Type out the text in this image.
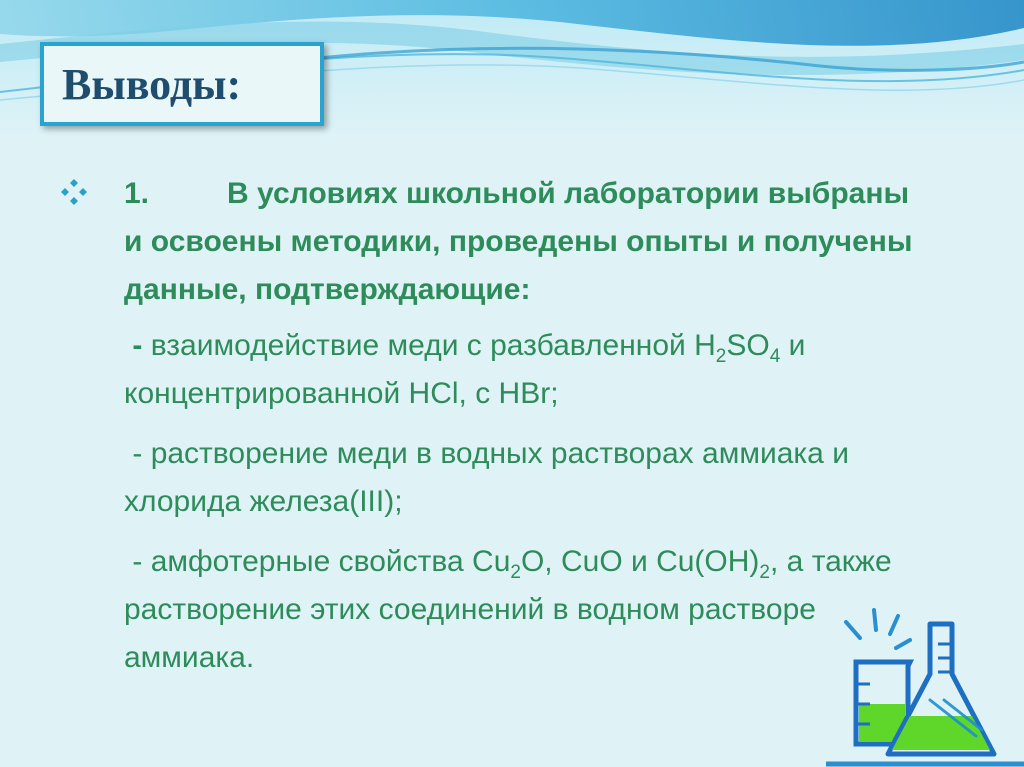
Выводы :
1.	В условиях школьной лаборатории выбраны и освоены методики, проведены опыты и получены данные, подтверждающие:
- взаимодействие меди с разбавленной $H_2SO_4$ и концентрированной HCl, с HBr;
- растворение меди в водных растворах аммиака и хлорида железа(III);
- амфотерные свойства $Cu_2O$, CuO и $Cu(OH)_2$, а также растворение этих соединений в водном растворе аммиака.
